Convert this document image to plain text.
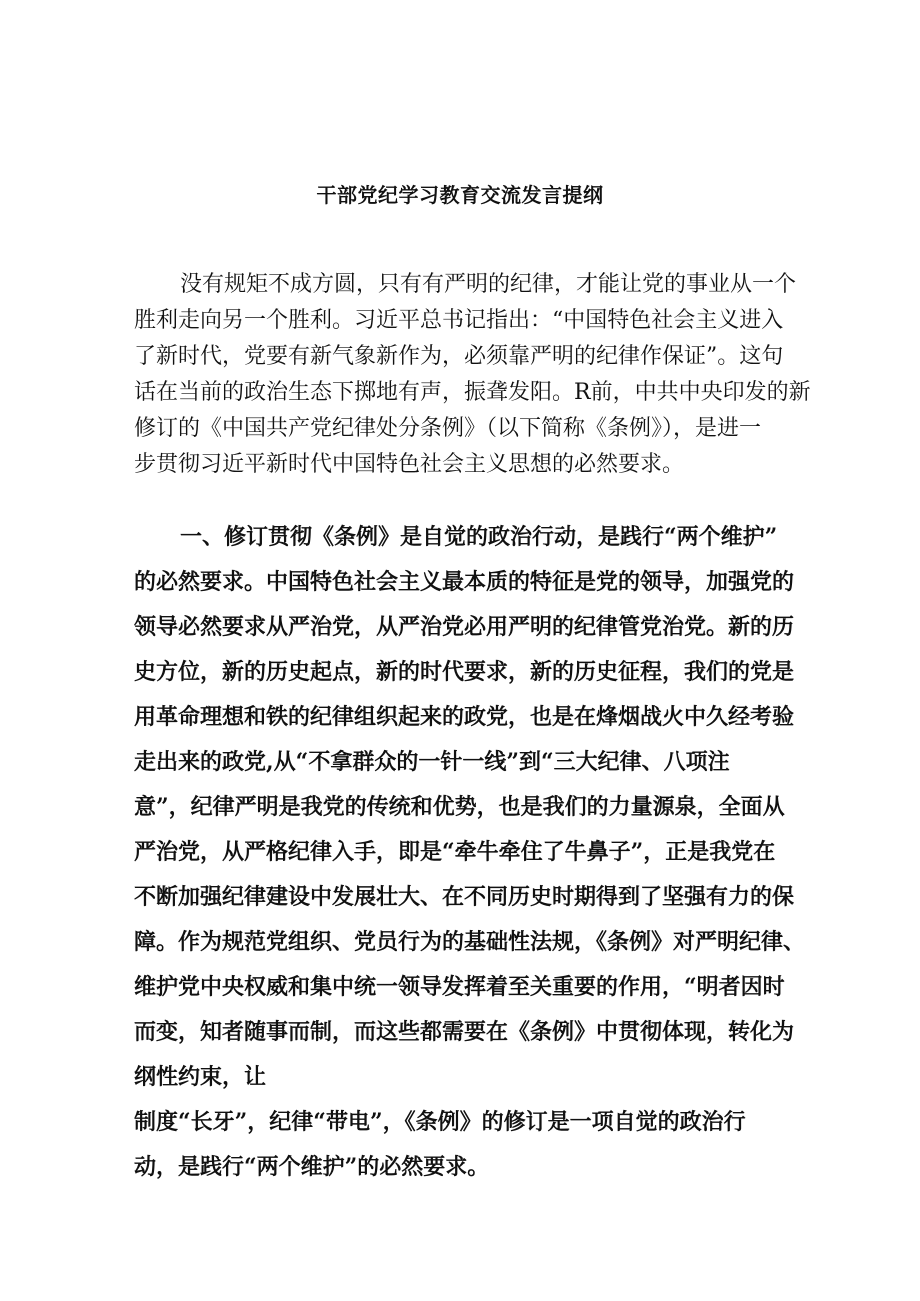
干部党纪学习教育交流发言提纲
没有规矩不成方圆，只有有严明的纪律，才能让党的事业从一个
胜利走向另一个胜利。习近平总书记指出：“中国特色社会主义进入
了新时代，党要有新气象新作为，必须靠严明的纪律作保证”。这句
话在当前的政治生态下掷地有声，振聋发阳。R前，中共中央印发的新
修订的《中国共产党纪律处分条例》（以下简称《条例》），是进一
步贯彻习近平新时代中国特色社会主义思想的必然要求。
一、修订贯彻《条例》是自觉的政治行动，是践行“两个维护”
的必然要求。中国特色社会主义最本质的特征是党的领导，加强党的
领导必然要求从严治党，从严治党必用严明的纪律管党治党。新的历
史方位，新的历史起点，新的时代要求，新的历史征程，我们的党是
用革命理想和铁的纪律组织起来的政党，也是在烽烟战火中久经考验
走出来的政党,从“不拿群众的一针一线”到“三大纪律、八项注
意”，纪律严明是我党的传统和优势，也是我们的力量源泉，全面从
严治党，从严格纪律入手，即是“牵牛牵住了牛鼻子”，正是我党在
不断加强纪律建设中发展壮大、在不同历史时期得到了坚强有力的保
障。作为规范党组织、党员行为的基础性法规，《条例》对严明纪律、
维护党中央权威和集中统一领导发挥着至关重要的作用，“明者因时
而变，知者随事而制，而这些都需要在《条例》中贯彻体现，转化为
纲性约束，让
制度“长牙”，纪律“带电”，《条例》的修订是一项自觉的政治行
动，是践行“两个维护”的必然要求。
